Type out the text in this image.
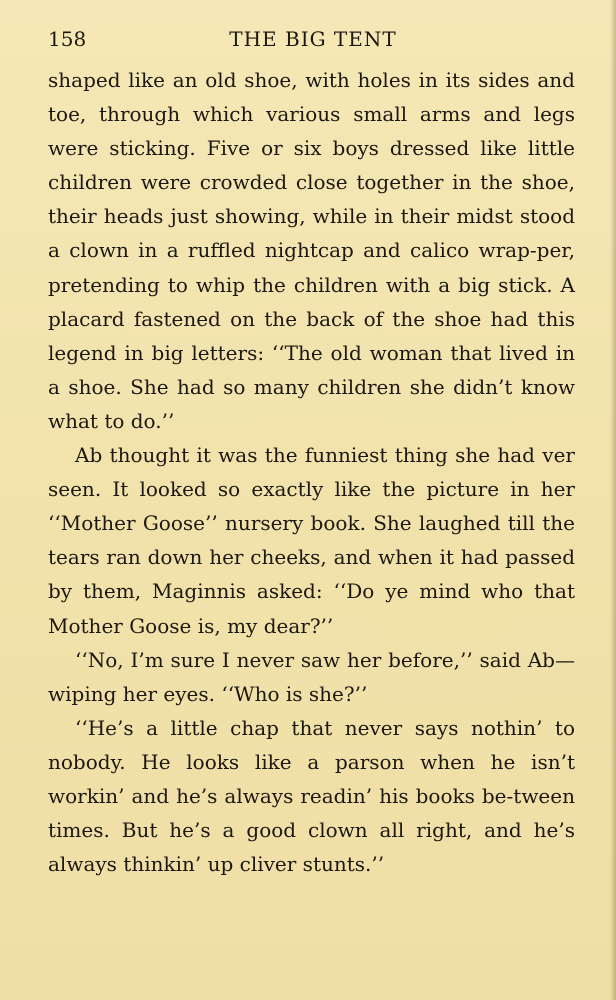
158	THE BIG TENT

shaped like an old shoe, with holes in its sides and toe, through which various small arms and legs were sticking. Five or six boys dressed like little children were crowded close together in the shoe, their heads just showing, while in their midst stood a clown in a ruffled nightcap and calico wrap-per, pretending to whip the children with a big stick. A placard fastened on the back of the shoe had this legend in big letters: ‘‘The old woman that lived in a shoe. She had so many children she didn’t know what to do.’’

Ab thought it was the funniest thing she had ver seen. It looked so exactly like the picture in her ‘‘Mother Goose’’ nursery book. She laughed till the tears ran down her cheeks, and when it had passed by them, Maginnis asked: ‘‘Do ye mind who that Mother Goose is, my dear?’’

‘‘No, I’m sure I never saw her before,’’ said Ab—wiping her eyes. ‘‘Who is she?’’

‘‘He’s a little chap that never says nothin’ to nobody. He looks like a parson when he isn’t workin’ and he’s always readin’ his books be-tween times. But he’s a good clown all right, and he’s always thinkin’ up cliver stunts.’’
